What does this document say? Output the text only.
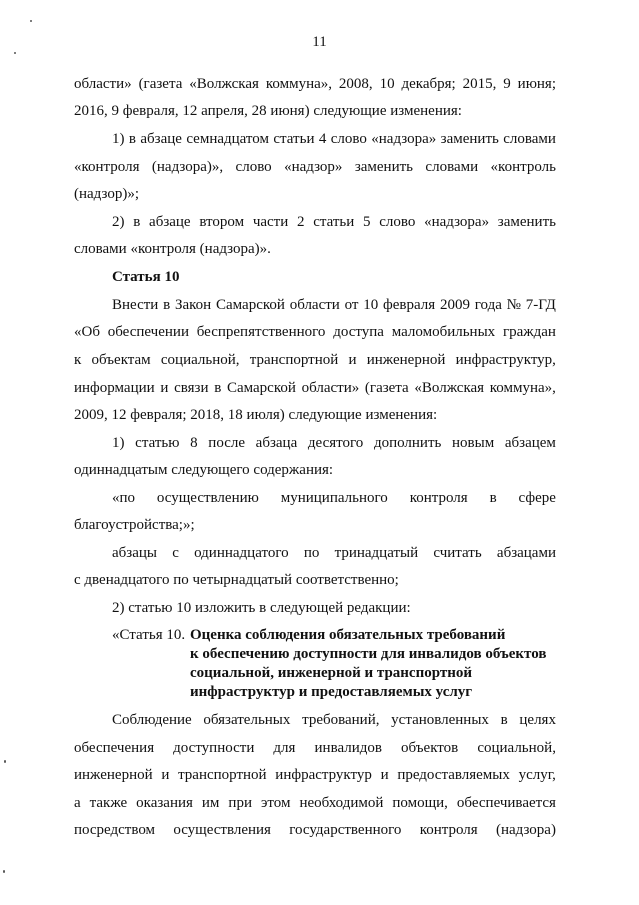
11
области» (газета «Волжская коммуна», 2008, 10 декабря; 2015, 9 июня;
2016, 9 февраля, 12 апреля, 28 июня) следующие изменения:
1) в абзаце семнадцатом статьи 4 слово «надзора» заменить словами
«контроля (надзора)», слово «надзор» заменить словами «контроль
(надзор)»;
2) в абзаце втором части 2 статьи 5 слово «надзора» заменить
словами «контроля (надзора)».
Статья 10
Внести в Закон Самарской области от 10 февраля 2009 года № 7-ГД
«Об обеспечении беспрепятственного доступа маломобильных граждан
к объектам социальной, транспортной и инженерной инфраструктур,
информации и связи в Самарской области» (газета «Волжская коммуна»,
2009, 12 февраля; 2018, 18 июля) следующие изменения:
1) статью 8 после абзаца десятого дополнить новым абзацем
одиннадцатым следующего содержания:
«по осуществлению муниципального контроля в сфере
благоустройства;»;
абзацы с одиннадцатого по тринадцатый считать абзацами
с двенадцатого по четырнадцатый соответственно;
2) статью 10 изложить в следующей редакции:
«Статья 10. Оценка соблюдения обязательных требований
к обеспечению доступности для инвалидов объектов
социальной, инженерной и транспортной
инфраструктур и предоставляемых услуг
Соблюдение обязательных требований, установленных в целях
обеспечения доступности для инвалидов объектов социальной,
инженерной и транспортной инфраструктур и предоставляемых услуг,
а также оказания им при этом необходимой помощи, обеспечивается
посредством осуществления государственного контроля (надзора)
